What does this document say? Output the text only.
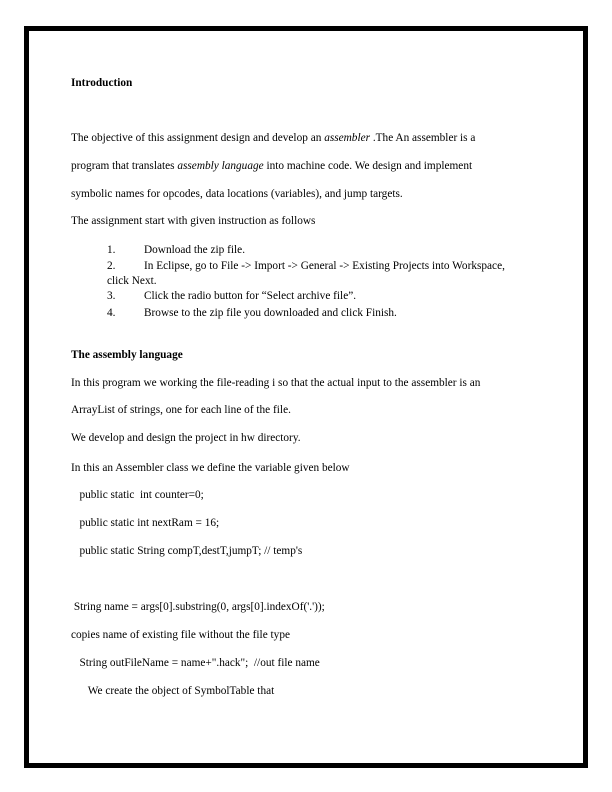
Introduction
The objective of this assignment design and develop an assembler .The An assembler is a
program that translates assembly language into machine code. We design and implement
symbolic names for opcodes, data locations (variables), and jump targets.
The assignment start with given instruction as follows
1.	Download the zip file.
2.	In Eclipse, go to File -> Import -> General -> Existing Projects into Workspace,
click Next.
3.	Click the radio button for “Select archive file”.
4.	Browse to the zip file you downloaded and click Finish.
The assembly language
In this program we working the file-reading i so that the actual input to the assembler is an
ArrayList of strings, one for each line of the file.
We develop and design the project in hw directory.
In this an Assembler class we define the variable given below
public static  int counter=0;
public static int nextRam = 16;
public static String compT,destT,jumpT; // temp's
String name = args[0].substring(0, args[0].indexOf('.'));
copies name of existing file without the file type
String outFileName = name+".hack";  //out file name
We create the object of SymbolTable that
